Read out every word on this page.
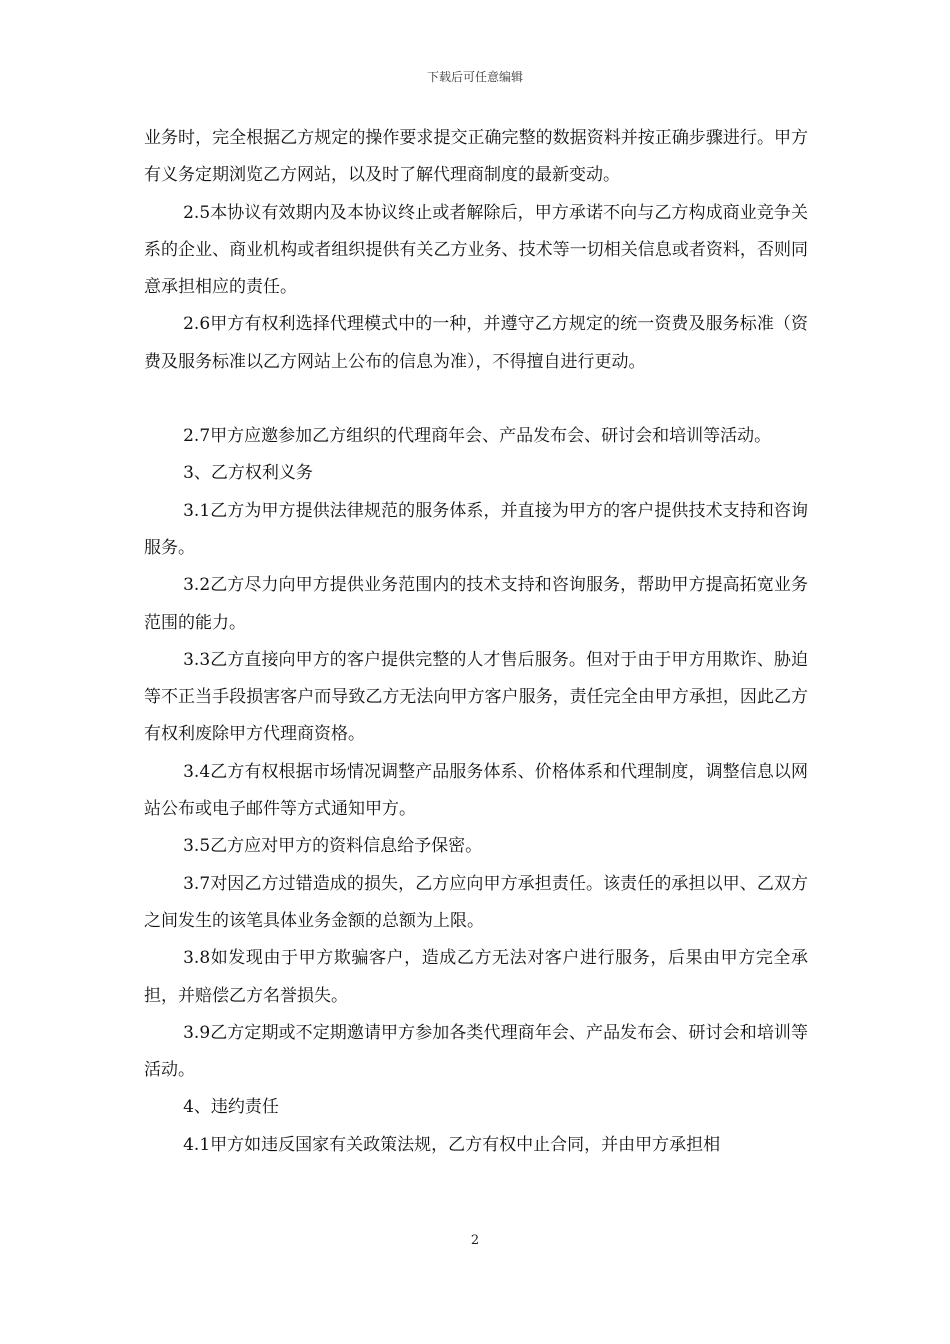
下载后可任意编辑

业务时，完全根据乙方规定的操作要求提交正确完整的数据资料并按正确步骤进行。甲方有义务定期浏览乙方网站，以及时了解代理商制度的最新变动。

2.5本协议有效期内及本协议终止或者解除后，甲方承诺不向与乙方构成商业竞争关系的企业、商业机构或者组织提供有关乙方业务、技术等一切相关信息或者资料，否则同意承担相应的责任。

2.6甲方有权利选择代理模式中的一种，并遵守乙方规定的统一资费及服务标准（资费及服务标准以乙方网站上公布的信息为准），不得擅自进行更动。

2.7甲方应邀参加乙方组织的代理商年会、产品发布会、研讨会和培训等活动。

3、乙方权利义务

3.1乙方为甲方提供法律规范的服务体系，并直接为甲方的客户提供技术支持和咨询服务。

3.2乙方尽力向甲方提供业务范围内的技术支持和咨询服务，帮助甲方提高拓宽业务范围的能力。

3.3乙方直接向甲方的客户提供完整的人才售后服务。但对于由于甲方用欺诈、胁迫等不正当手段损害客户而导致乙方无法向甲方客户服务，责任完全由甲方承担，因此乙方有权利废除甲方代理商资格。

3.4乙方有权根据市场情况调整产品服务体系、价格体系和代理制度，调整信息以网站公布或电子邮件等方式通知甲方。

3.5乙方应对甲方的资料信息给予保密。

3.7对因乙方过错造成的损失，乙方应向甲方承担责任。该责任的承担以甲、乙双方之间发生的该笔具体业务金额的总额为上限。

3.8如发现由于甲方欺骗客户，造成乙方无法对客户进行服务，后果由甲方完全承担，并赔偿乙方名誉损失。

3.9乙方定期或不定期邀请甲方参加各类代理商年会、产品发布会、研讨会和培训等活动。

4、违约责任

4.1甲方如违反国家有关政策法规，乙方有权中止合同，并由甲方承担相

2
